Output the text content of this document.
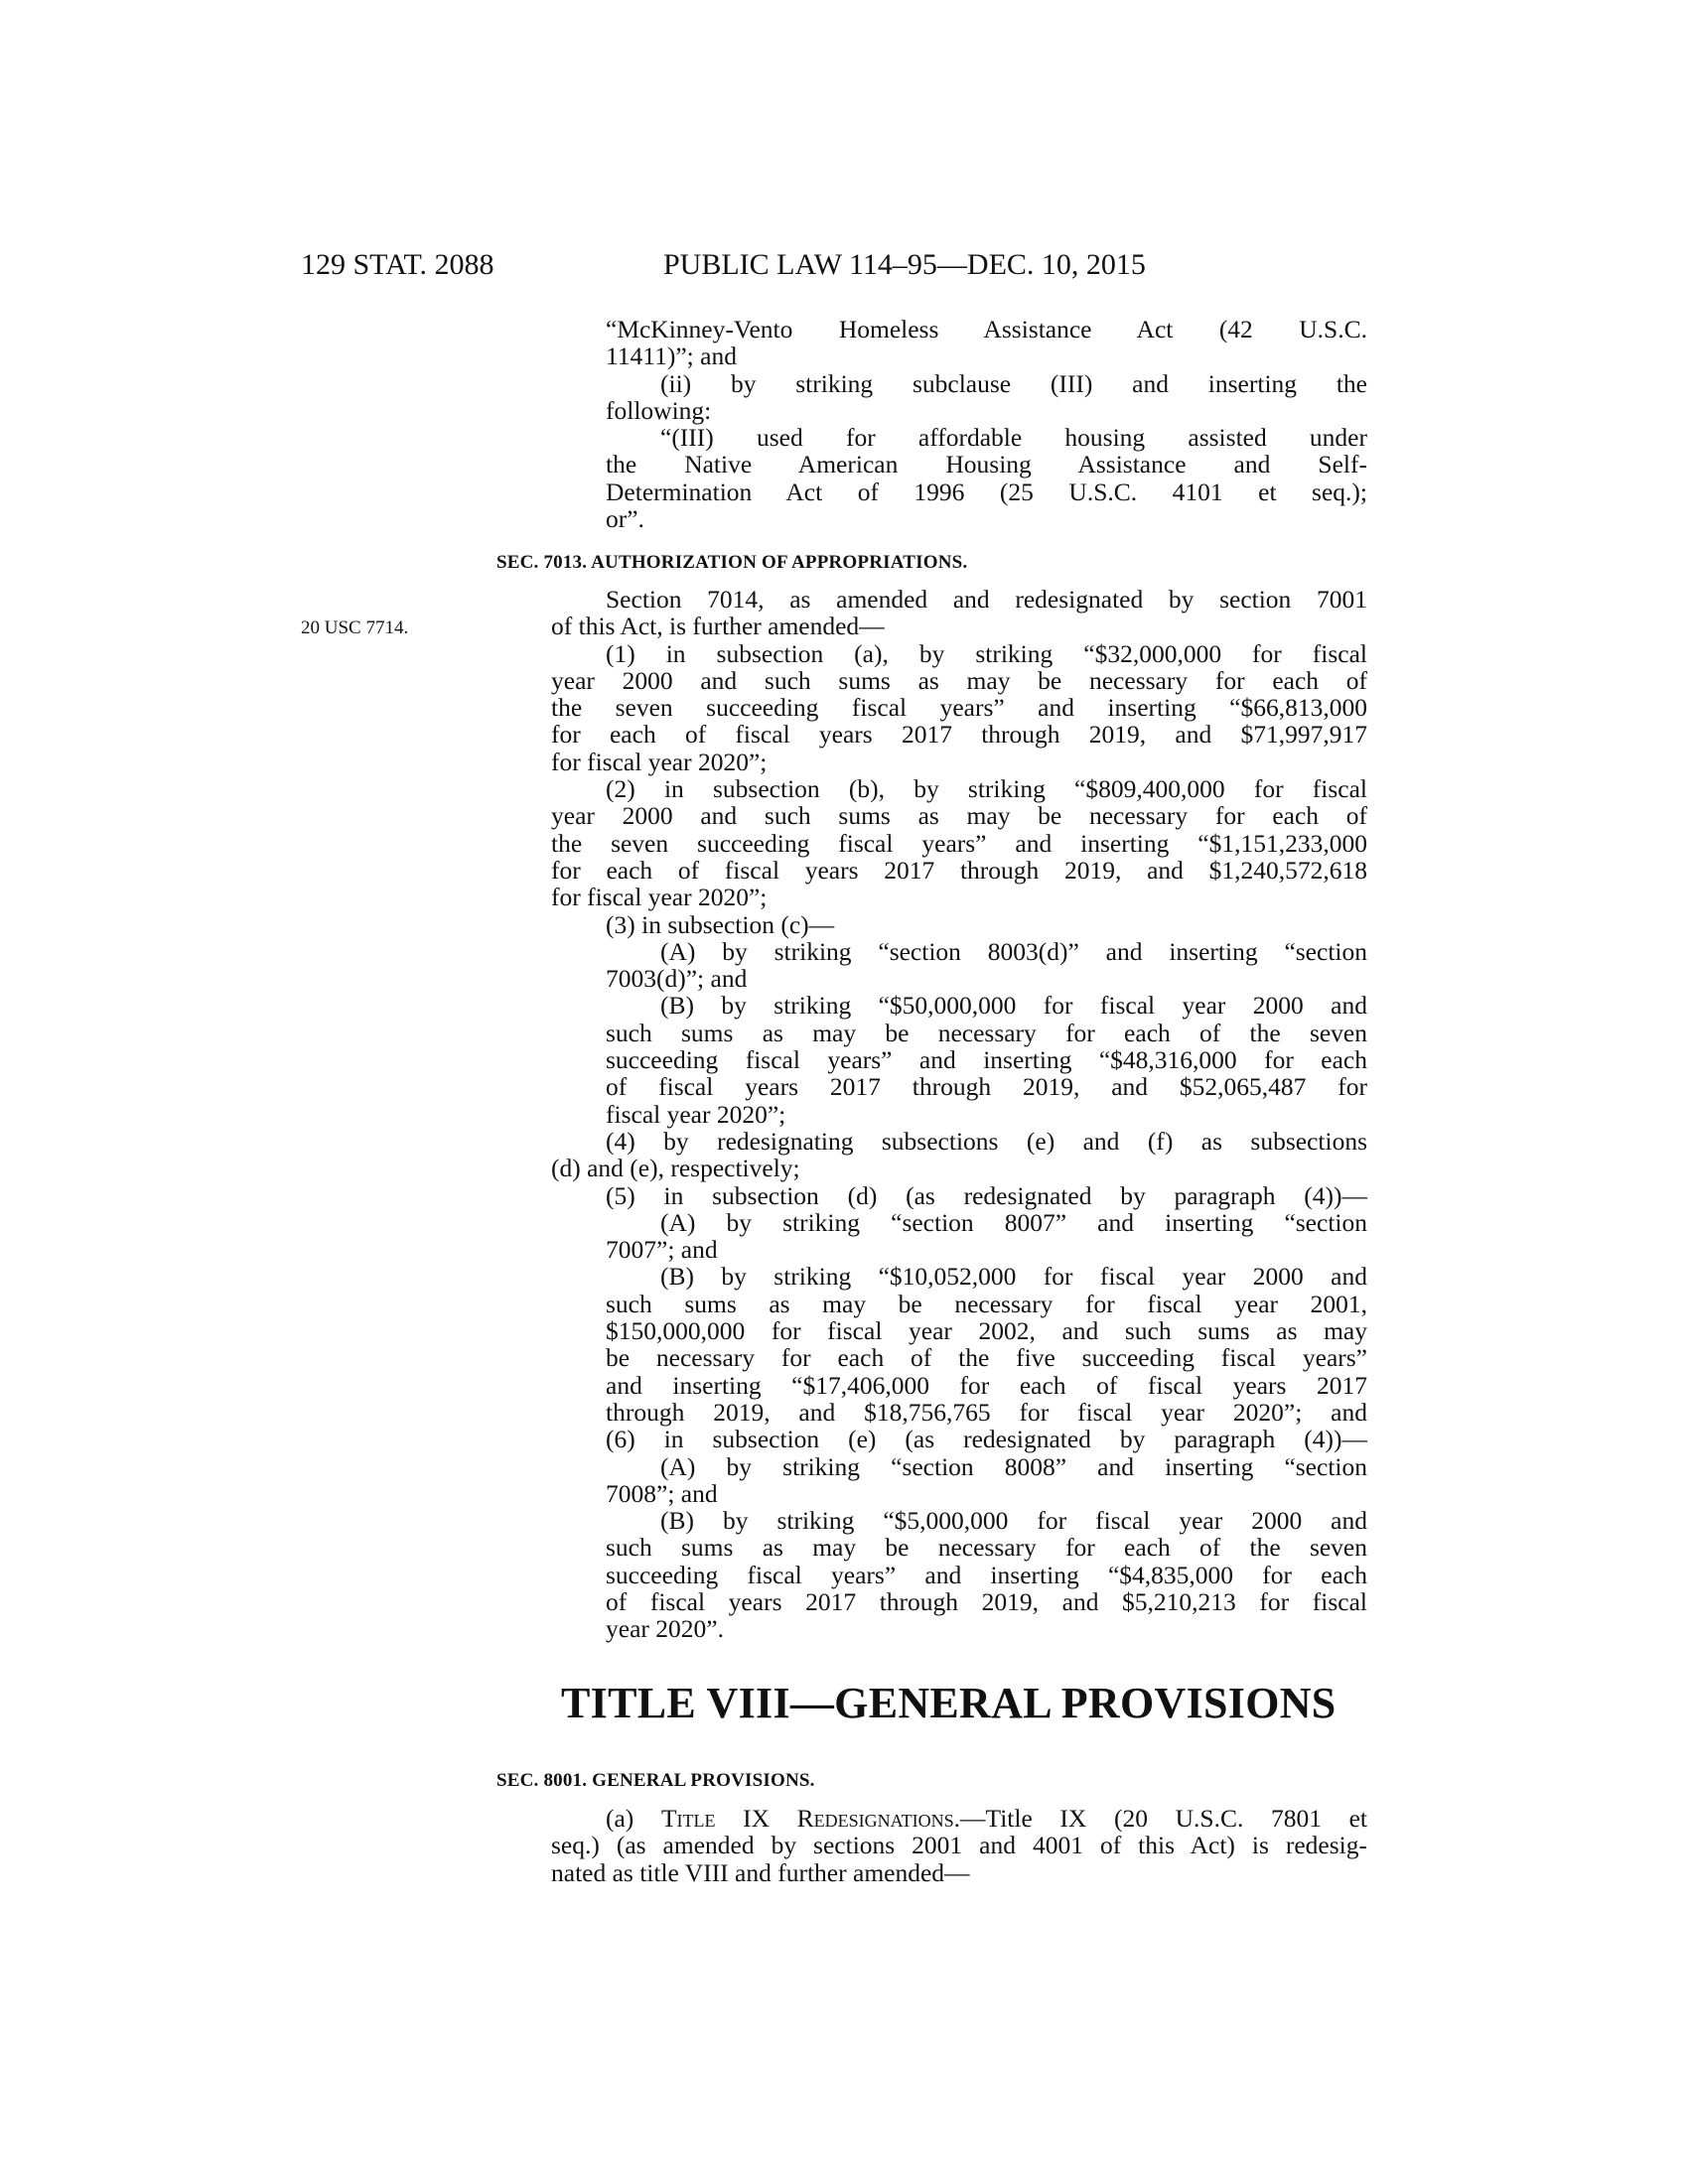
129 STAT. 2088	PUBLIC LAW 114–95—DEC. 10, 2015
“McKinney-Vento Homeless Assistance Act (42 U.S.C.
11411)”; and
(ii) by striking subclause (III) and inserting the
following:
“(III) used for affordable housing assisted under
the Native American Housing Assistance and Self-
Determination Act of 1996 (25 U.S.C. 4101 et seq.);
or”.
SEC. 7013. AUTHORIZATION OF APPROPRIATIONS.
20 USC 7714.
Section 7014, as amended and redesignated by section 7001
of this Act, is further amended—
(1) in subsection (a), by striking “$32,000,000 for fiscal
year 2000 and such sums as may be necessary for each of
the seven succeeding fiscal years” and inserting “$66,813,000
for each of fiscal years 2017 through 2019, and $71,997,917
for fiscal year 2020”;
(2) in subsection (b), by striking “$809,400,000 for fiscal
year 2000 and such sums as may be necessary for each of
the seven succeeding fiscal years” and inserting “$1,151,233,000
for each of fiscal years 2017 through 2019, and $1,240,572,618
for fiscal year 2020”;
(3) in subsection (c)—
(A) by striking “section 8003(d)” and inserting “section
7003(d)”; and
(B) by striking “$50,000,000 for fiscal year 2000 and
such sums as may be necessary for each of the seven
succeeding fiscal years” and inserting “$48,316,000 for each
of fiscal years 2017 through 2019, and $52,065,487 for
fiscal year 2020”;
(4) by redesignating subsections (e) and (f) as subsections
(d) and (e), respectively;
(5) in subsection (d) (as redesignated by paragraph (4))—
(A) by striking “section 8007” and inserting “section
7007”; and
(B) by striking “$10,052,000 for fiscal year 2000 and
such sums as may be necessary for fiscal year 2001,
$150,000,000 for fiscal year 2002, and such sums as may
be necessary for each of the five succeeding fiscal years”
and inserting “$17,406,000 for each of fiscal years 2017
through 2019, and $18,756,765 for fiscal year 2020”; and
(6) in subsection (e) (as redesignated by paragraph (4))—
(A) by striking “section 8008” and inserting “section
7008”; and
(B) by striking “$5,000,000 for fiscal year 2000 and
such sums as may be necessary for each of the seven
succeeding fiscal years” and inserting “$4,835,000 for each
of fiscal years 2017 through 2019, and $5,210,213 for fiscal
year 2020”.
TITLE VIII—GENERAL PROVISIONS
SEC. 8001. GENERAL PROVISIONS.
(a) Title IX Redesignations.—Title IX (20 U.S.C. 7801 et
seq.) (as amended by sections 2001 and 4001 of this Act) is redesig-
nated as title VIII and further amended—
